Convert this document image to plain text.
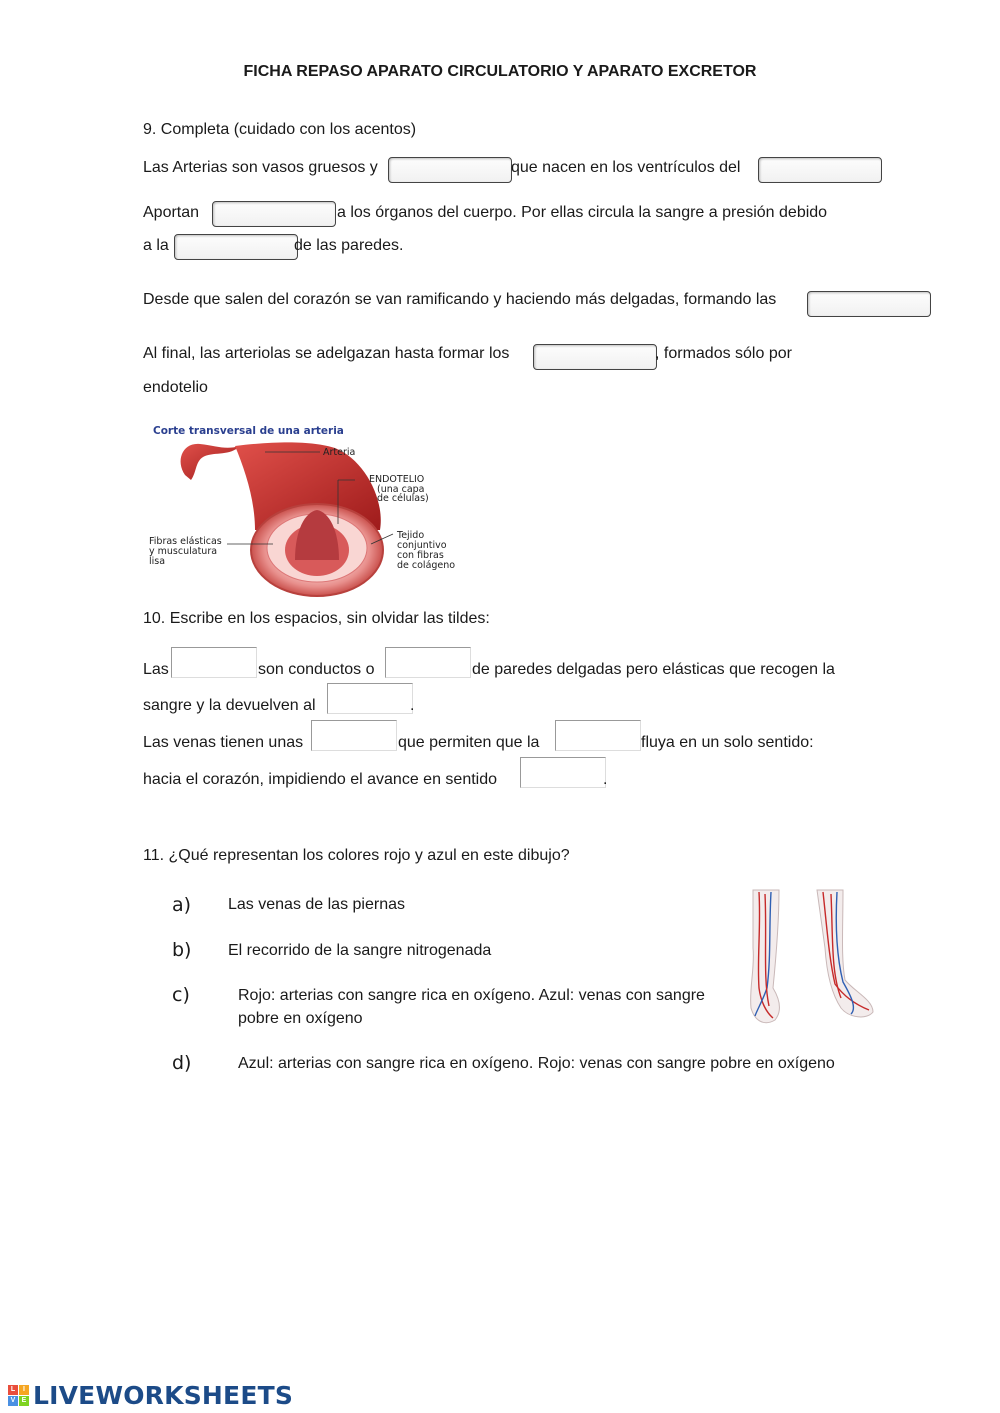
FICHA REPASO APARATO CIRCULATORIO Y APARATO EXCRETOR
9. Completa (cuidado con los acentos)
Las Arterias son vasos gruesos y	que nacen en los ventrículos del
Aportan	a los órganos del cuerpo. Por ellas circula la sangre a presión debido
a la	de las paredes.
Desde que salen del corazón se van ramificando y haciendo más delgadas, formando las
Al final, las arteriolas se adelgazan hasta formar los	, formados sólo por
endotelio
Corte transversal de una arteria
Arteria
ENDOTELIO
(una capa
de células)
Tejido
conjuntivo
con fibras
de colágeno
Fibras elásticas
y musculatura
lisa
10. Escribe en los espacios, sin olvidar las tildes:
Las	son conductos o	de paredes delgadas pero elásticas que recogen la
sangre y la devuelven al	.
Las venas tienen unas	que permiten que la	fluya en un solo sentido:
hacia el corazón, impidiendo el avance en sentido	.
11. ¿Qué representan los colores rojo y azul en este dibujo?
a) Las venas de las piernas
b) El recorrido de la sangre nitrogenada
c)	Rojo: arterias con sangre rica en oxígeno. Azul: venas con sangre
pobre en oxígeno
d)	Azul: arterias con sangre rica en oxígeno. Rojo: venas con sangre pobre en oxígeno
L	I
V E LIVEWORKSHEETS
